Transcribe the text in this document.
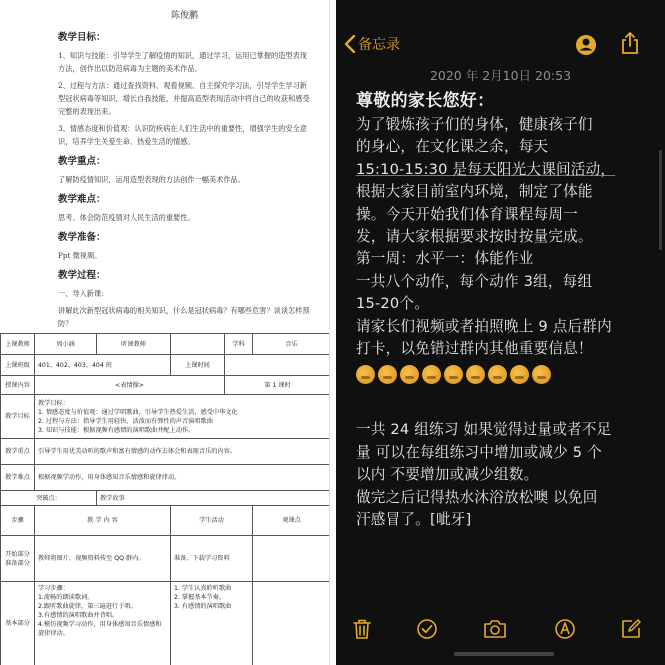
陈俊鹏
教学目标：
1、知识与技能：引导学生了解疫情的知识，通过学习，运用已掌握的造型表现方法，创作出以防范病毒为主题的美术作品。
2、过程与方法：通过查找资料、观看视频、自主探究学习法，引导学生学习新型冠状病毒等知识，增长自我技能，并提高造型表现活动中将自己的收获和感受完整的表现出来。
3、情感态度和价值观：认识防疾病在人们生活中的重要性，增强学生的安全意识，培养学生关爱生命、热爱生活的情感。
教学重点：
了解防疫情知识，运用造型表现的方法创作一幅美术作品。
教学难点：
思考、体会防范疫情对人民生活的重要性。
教学准备：
Ppt 微视频。
教学过程：
一、导入新课：
讲解此次新型冠状病毒的相关知识，什么是冠状病毒？有哪些危害？谈谈怎样预防？
上课教师	周小涵	听课教师		学科	音乐
上课班级	401、402、403、404 班		上课时间		
授课内容	<表情操>			第 1 课时	
教学目标	教学目标：
1. 情感态度与价值观：通过学唱歌曲，引导学生热爱生活，感受中华文化
2. 过程与方法：指导学生用轻快、活泼而有弹性的声音演唱歌曲
3. 知识与技能：根据视频有感情的演唱歌曲并配上动作。				
教学重点	引导学生用优美动听的歌声和富有情感的动作去体会和表现音乐的内容。				
教学难点	根据视频学动作，用身体感知音乐情感和旋律律动。				
突破点：		教学故事			
步骤	教 学 内 容		学生活动		观课点
开始部分准备部分	教师将图片、视频资料传至 QQ 群内。		准备、下载学习资料		
基本部分	学习步骤：
1.流畅的朗读歌词。
2.跟听歌曲旋律，第三遍进行于唱。
3.有感情的演唱歌曲并背唱。
4.模仿视频学习动作，用身体感知音乐情感和旋律律动。		1. 学生认真聆听歌曲
2. 掌握基本节奏。
3. 有感情的演唱歌曲		
备忘录
2020 年 2月10日 20:53
尊敬的家长您好：
为了锻炼孩子们的身体，健康孩子们
的身心，在文化课之余，每天
15:10-15:30 是每天阳光大课间活动，
根据大家目前室内环境，制定了体能
操。今天开始我们体育课程每周一
发，请大家根据要求按时按量完成。
第一周：水平一：体能作业
一共八个动作，每个动作 3组，每组
15-20个。
请家长们视频或者拍照晚上 9 点后群内
打卡，以免错过群内其他重要信息！
一共 24 组练习 如果觉得过量或者不足
量 可以在每组练习中增加或减少 5 个
以内 不要增加或减少组数。
做完之后记得热水沐浴放松噢 以免回
汗感冒了。[呲牙]
